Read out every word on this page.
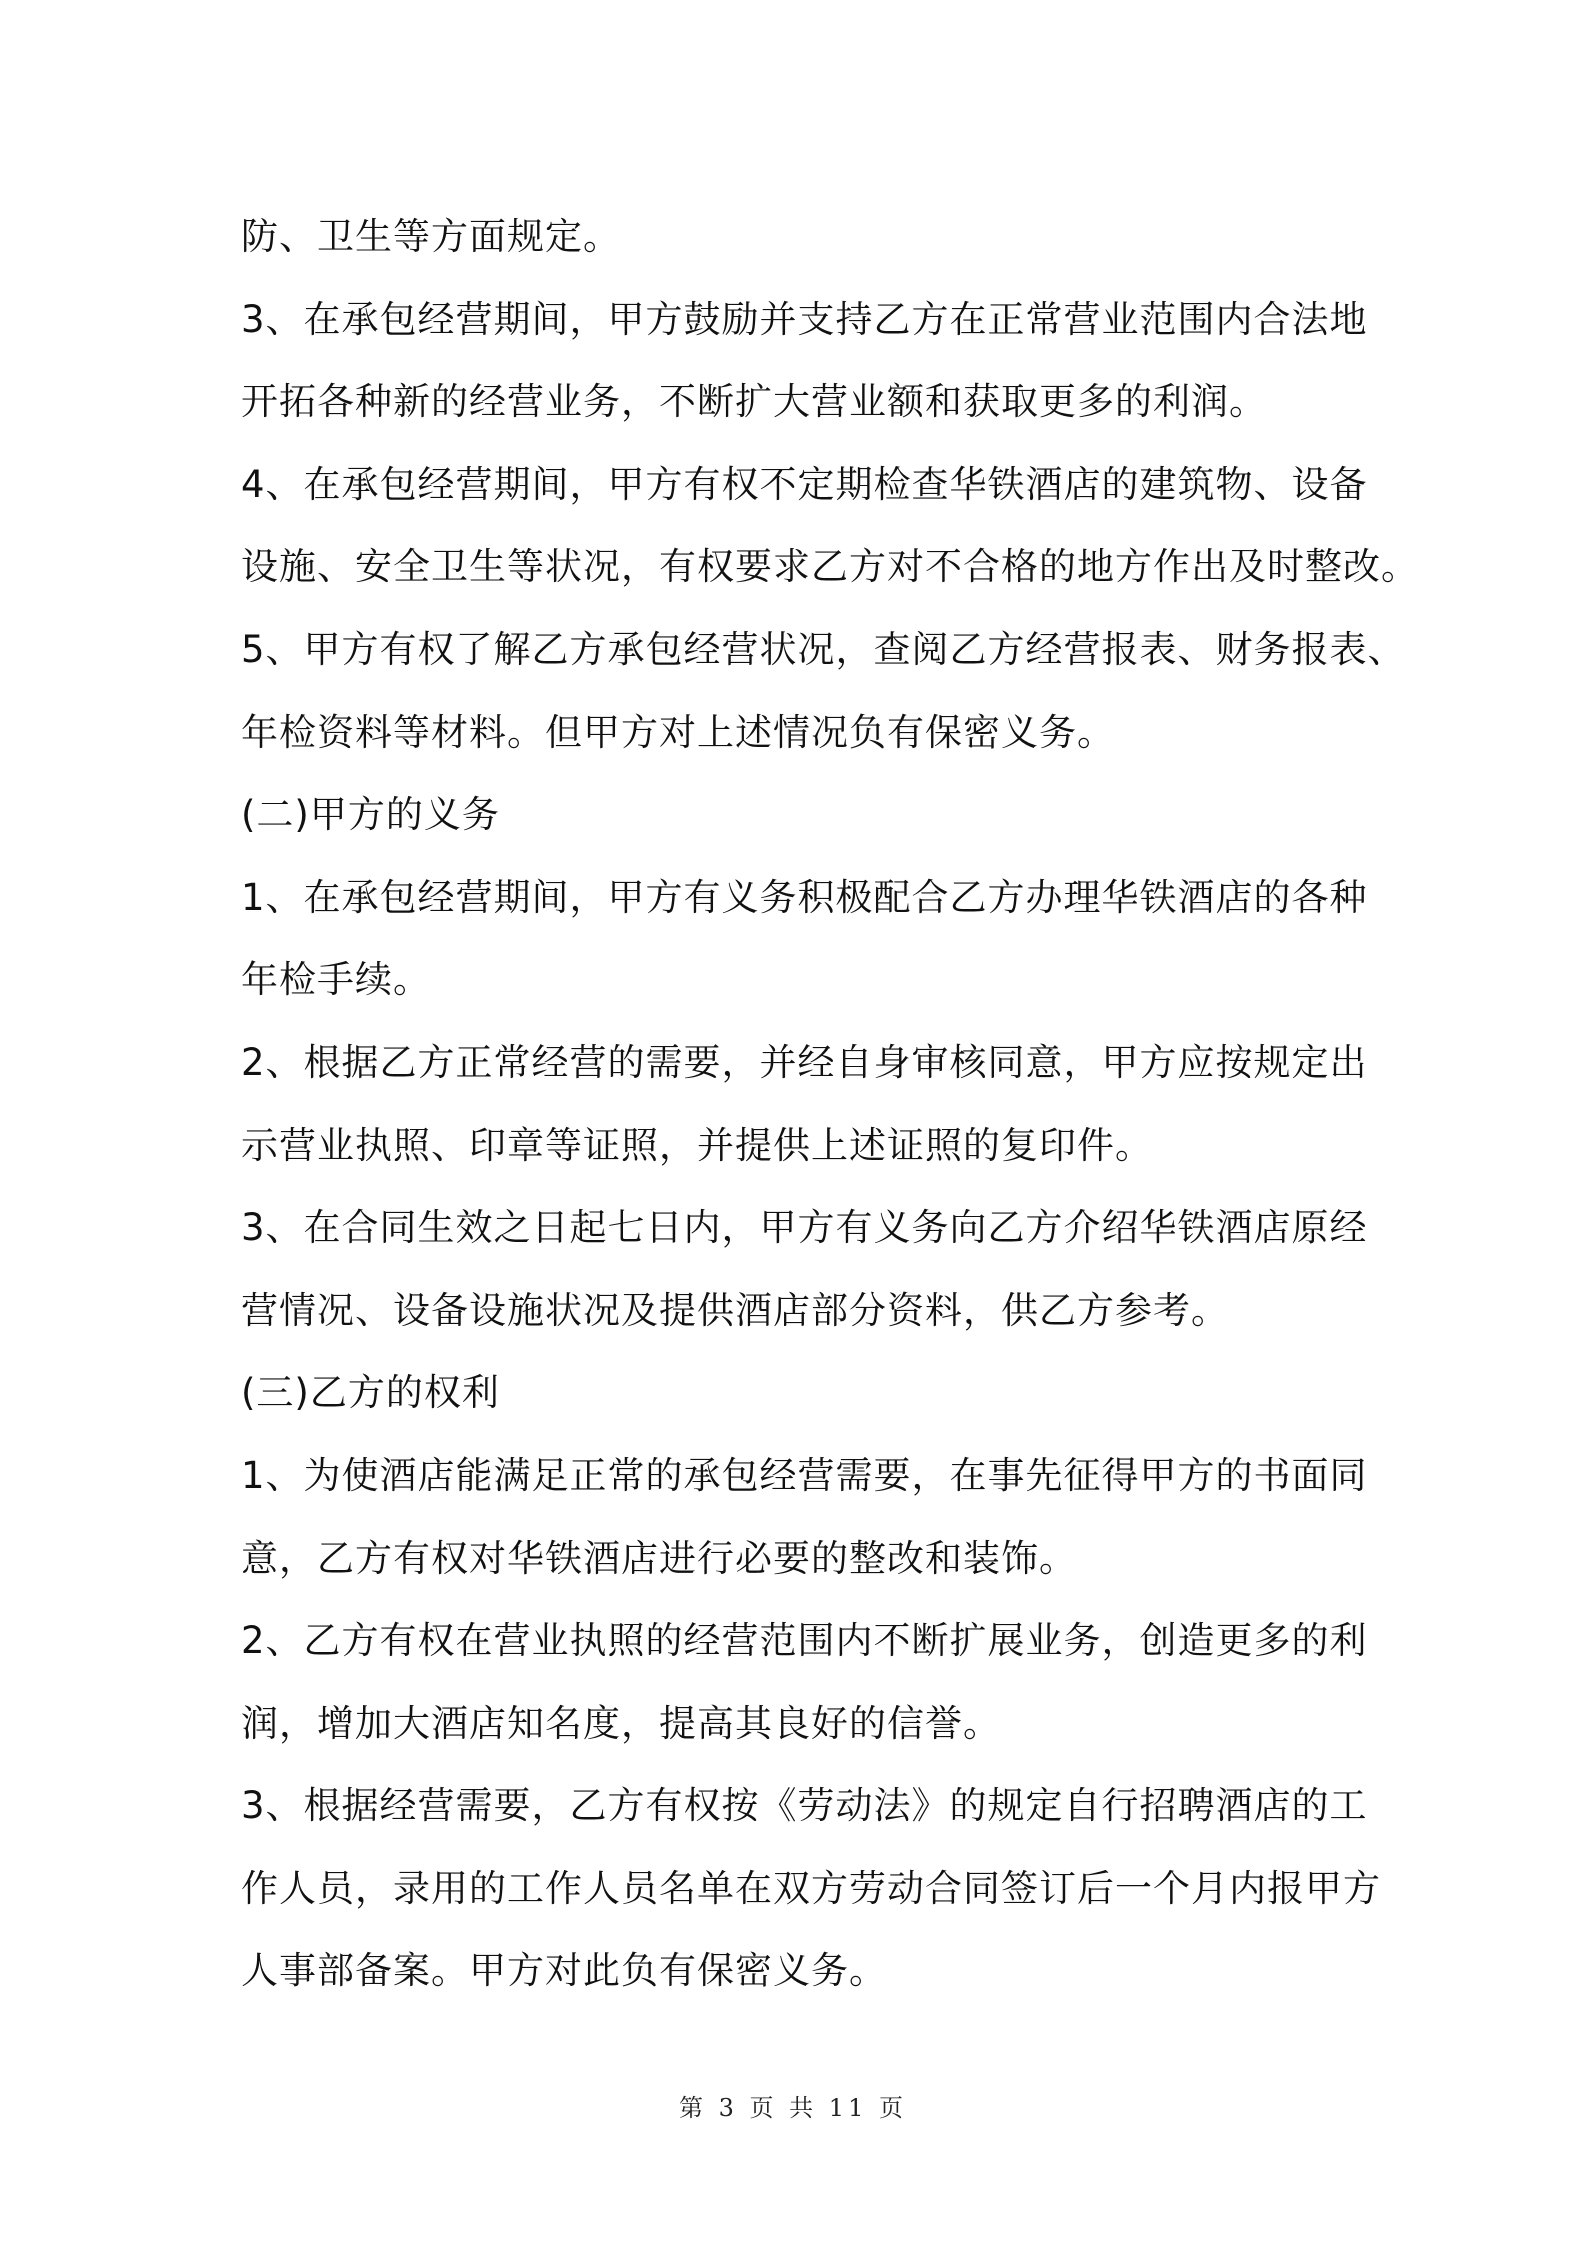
防、卫生等方面规定。
3、在承包经营期间，甲方鼓励并支持乙方在正常营业范围内合法地
开拓各种新的经营业务，不断扩大营业额和获取更多的利润。
4、在承包经营期间，甲方有权不定期检查华铁酒店的建筑物、设备
设施、安全卫生等状况，有权要求乙方对不合格的地方作出及时整改。
5、甲方有权了解乙方承包经营状况，查阅乙方经营报表、财务报表、
年检资料等材料。但甲方对上述情况负有保密义务。
(二)甲方的义务
1、在承包经营期间，甲方有义务积极配合乙方办理华铁酒店的各种
年检手续。
2、根据乙方正常经营的需要，并经自身审核同意，甲方应按规定出
示营业执照、印章等证照，并提供上述证照的复印件。
3、在合同生效之日起七日内，甲方有义务向乙方介绍华铁酒店原经
营情况、设备设施状况及提供酒店部分资料，供乙方参考。
(三)乙方的权利
1、为使酒店能满足正常的承包经营需要，在事先征得甲方的书面同
意，乙方有权对华铁酒店进行必要的整改和装饰。
2、乙方有权在营业执照的经营范围内不断扩展业务，创造更多的利
润，增加大酒店知名度，提高其良好的信誉。
3、根据经营需要，乙方有权按《劳动法》的规定自行招聘酒店的工
作人员，录用的工作人员名单在双方劳动合同签订后一个月内报甲方
人事部备案。甲方对此负有保密义务。
第 3 页 共 11 页
